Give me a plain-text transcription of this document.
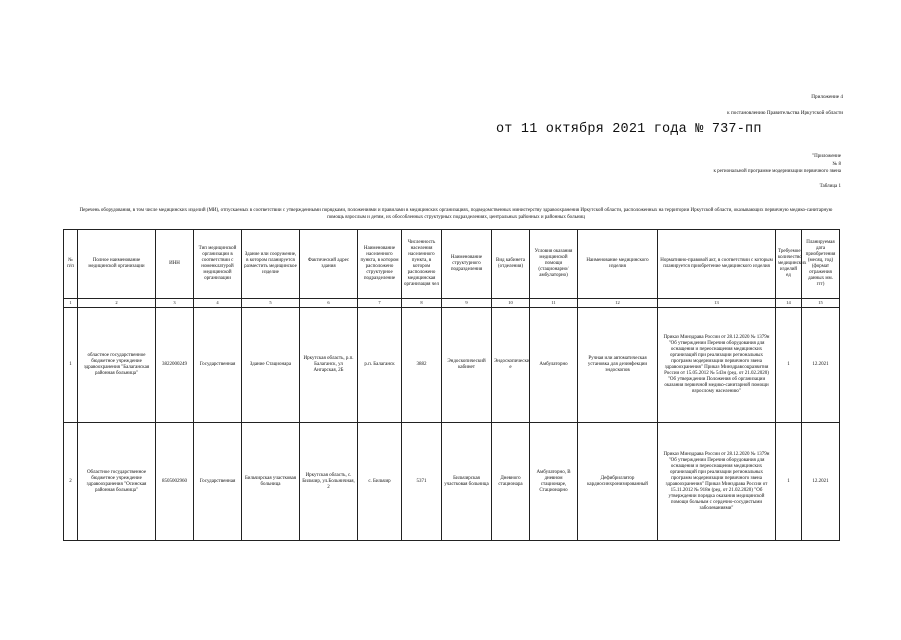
Приложение 4
к постановлению Правительства Иркутской области
от 11 октября 2021 года № 737-пп
"Приложение
№ 8
к региональной программе модернизации первичного звена
Таблица 1
Перечень оборудования, в том числе медицинских изделий (МИ), отпускаемых в соответствии с утвержденными порядками, положениями и правилами в медицинских организациях, подведомственных министерству здравоохранения Иркутской области, расположенных на территории Иркутской области, оказывающих первичную медико-санитарную помощь взрослым и детям, их обособленных структурных подразделениях, центральных районных и районных больниц
№ п/п	Полное наименование медицинской организации	ИНН	Тип медицинской организации в соответствии с номенклатурой медицинской организации	Здание или сооружение, в котором планируется разместить медицинское изделие	Фактический адрес здания	Наименование населенного пункта, в котором расположено структурное подразделение	Численность населения населенного пункта, в котором расположено медицинская организация чел	Наименование структурного подразделения	Вид кабинета (отделения)	Условия оказания медицинской помощи (стационарно/амбулаторно)	Наименование медицинского изделия	Нормативно-правовой акт, в соответствии с которым планируется приобретение медицинского изделия	Требуемое количество медицинских изделий ед	Планируемая дата приобретения (месяц, год) (формат отражения данных мм. ггг)
1	2	3	4	5	6	7	8	9	10	11	12	13	14	15
1	областное государственное бюджетное учреждение здравоохранения "Балаганская районная больница"	3822000249	Государственная	Здание Стационара	Иркутская область, р.п. Балаганск, ул Ангарская, 2Б	р.п. Балаганск	3882	Эндоскопический кабинет	Эндоскопически е	Амбулаторно	Ручная или автоматическая установка для дезинфекции эндоскопов	Приказ Минздрава России от 28.12.2020 № 1379н "Об утверждении Перечня оборудования для оснащения и переоснащения медицинских организаций при реализации региональных программ модернизации первичного звена здравоохранения" Приказ Минздравсоцразвития России от 15.05.2012 № 543н (ред. от 21.02.2020) "Об утверждении Положения об организации оказания первичной медико-санитарной помощи взрослому населению"	1	12.2021
2	Областное государственное бюджетное учреждение здравоохранения "Осинская районная больница"	8505002960	Государственная	Бильчирская участковая больница	Иркутская область, с. Бильчир, ул.Больничная, 2	с. Бильчир	5371	Бильчирская участковая больница	Дневного стационара	Амбулаторно, В дневном стационаре, Стационарно	Дефибриллятор кардиосинхронизированный	Приказ Минздрава России от 28.12.2020 № 1379н "Об утверждении Перечня оборудования для оснащения и переоснащения медицинских организаций при реализации региональных программ модернизации первичного звена здравоохранения" Приказ Минздрава России от 15.11.2012 № 918н (ред. от 21.02.2020) "Об утверждении порядка оказания медицинской помощи больным с сердечно-сосудистыми заболеваниями"	1	12.2021
